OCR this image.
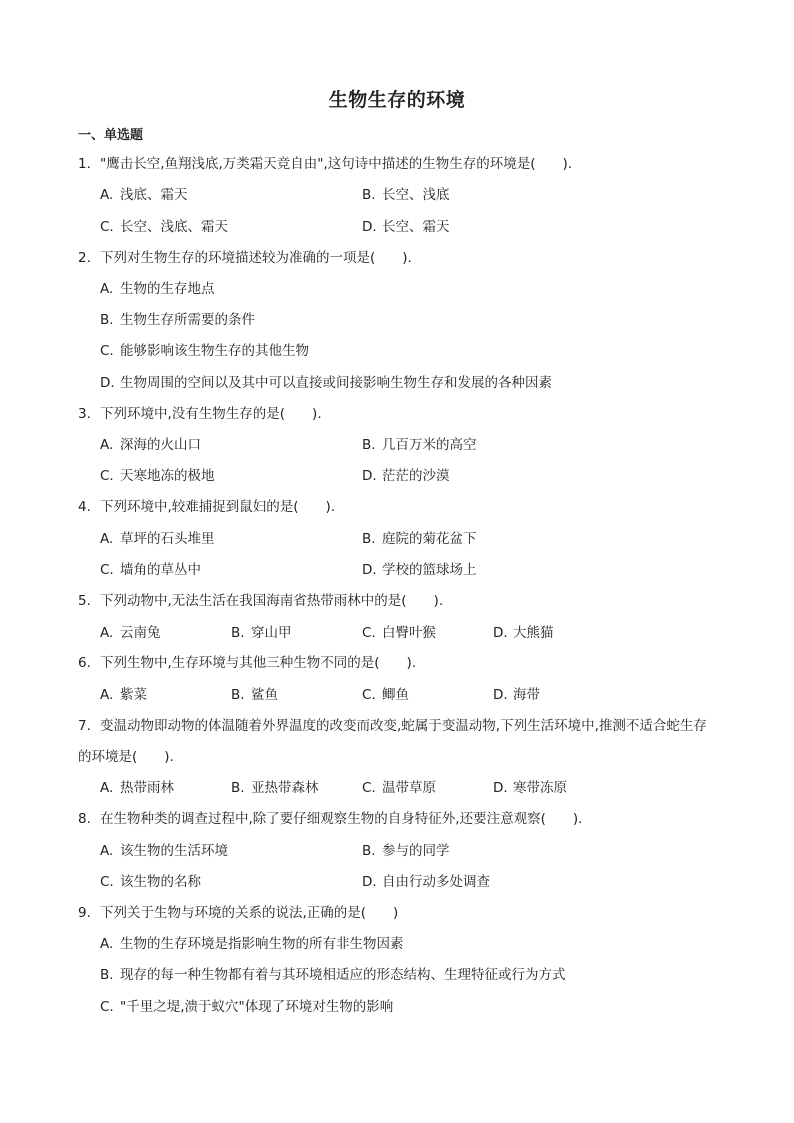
生物生存的环境
一、单选题
1. "鹰击长空,鱼翔浅底,万类霜天竞自由",这句诗中描述的生物生存的环境是(　　).
A. 浅底、霜天	B. 长空、浅底
C. 长空、浅底、霜天	D. 长空、霜天
2. 下列对生物生存的环境描述较为准确的一项是(　　).
A. 生物的生存地点
B. 生物生存所需要的条件
C. 能够影响该生物生存的其他生物
D. 生物周围的空间以及其中可以直接或间接影响生物生存和发展的各种因素
3. 下列环境中,没有生物生存的是(　　).
A. 深海的火山口	B. 几百万米的高空
C. 天寒地冻的极地	D. 茫茫的沙漠
4. 下列环境中,较难捕捉到鼠妇的是(　　).
A. 草坪的石头堆里	B. 庭院的菊花盆下
C. 墙角的草丛中	D. 学校的篮球场上
5. 下列动物中,无法生活在我国海南省热带雨林中的是(　　).
A. 云南兔	B. 穿山甲	C. 白臀叶猴	D. 大熊猫
6. 下列生物中,生存环境与其他三种生物不同的是(　　).
A. 紫菜	B. 鲨鱼	C. 鲫鱼	D. 海带
7. 变温动物即动物的体温随着外界温度的改变而改变,蛇属于变温动物,下列生活环境中,推测不适合蛇生存的环境是(　　).
A. 热带雨林	B. 亚热带森林	C. 温带草原	D. 寒带冻原
8. 在生物种类的调查过程中,除了要仔细观察生物的自身特征外,还要注意观察(　　).
A. 该生物的生活环境	B. 参与的同学
C. 该生物的名称	D. 自由行动多处调查
9. 下列关于生物与环境的关系的说法,正确的是(　　)
A. 生物的生存环境是指影响生物的所有非生物因素
B. 现存的每一种生物都有着与其环境相适应的形态结构、生理特征或行为方式
C. "千里之堤,溃于蚁穴"体现了环境对生物的影响
